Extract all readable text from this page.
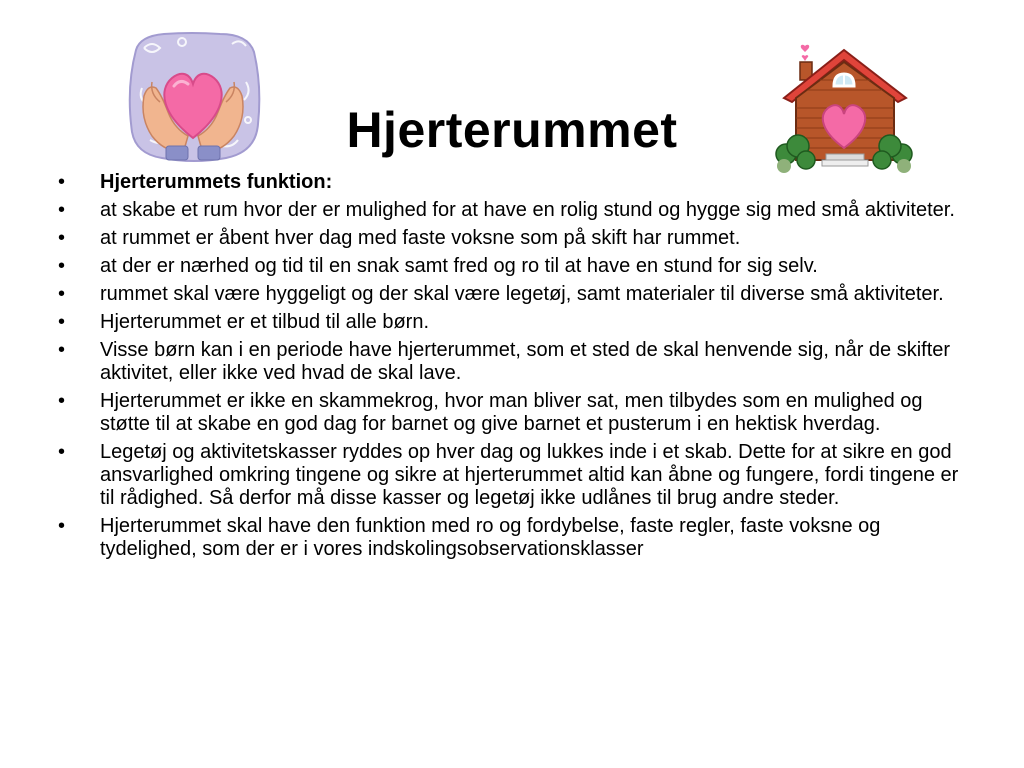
Hjerterummet
•	Hjerterummets funktion:
•	at skabe et rum hvor der er mulighed for at have en rolig stund og hygge sig med små aktiviteter.
•	at rummet er åbent hver dag med faste voksne som på skift har rummet.
•	at der er nærhed og tid til en snak samt fred og ro til at have en stund for sig selv.
•	rummet skal være hyggeligt og der skal være legetøj, samt materialer til diverse små aktiviteter.
•	Hjerterummet er et tilbud til alle børn.
•	Visse børn kan i en periode have hjerterummet, som et sted de skal henvende sig, når de skifter aktivitet, eller ikke ved hvad de skal lave.
•	Hjerterummet er ikke en skammekrog, hvor man bliver sat, men tilbydes som en mulighed og støtte til at skabe en god dag for barnet og give barnet et pusterum i en hektisk hverdag.
•	Legetøj og aktivitetskasser ryddes op hver dag og lukkes inde i et skab. Dette for at sikre en god ansvarlighed omkring tingene og sikre at hjerterummet altid kan åbne og fungere, fordi tingene er til rådighed. Så derfor må disse kasser og legetøj ikke udlånes til brug andre steder.
•	Hjerterummet skal have den funktion med ro og fordybelse, faste regler, faste voksne og tydelighed, som der er i vores indskolingsobservationsklasser
